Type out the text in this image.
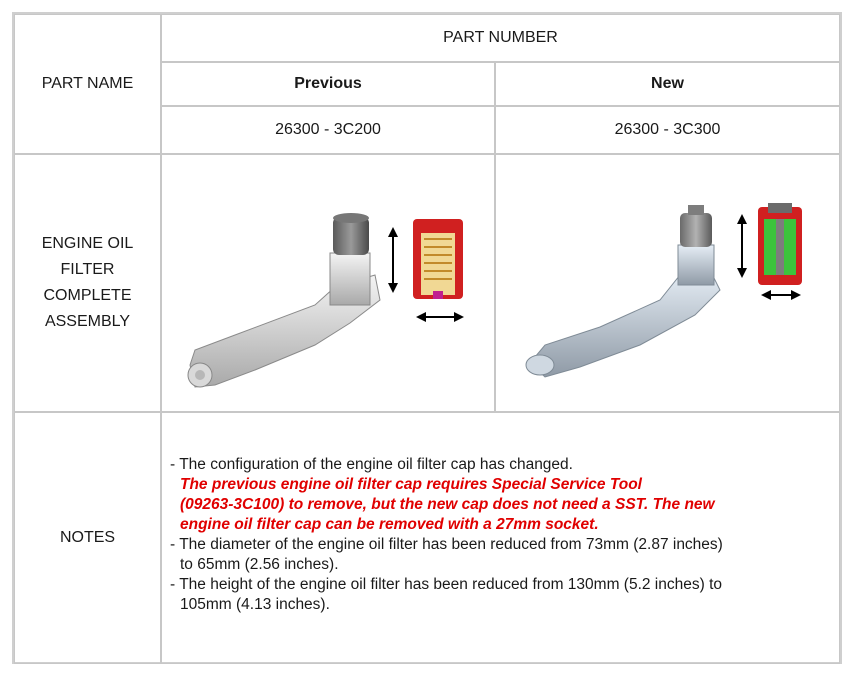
PART NAME
PART NUMBER
Previous	New
26300 - 3C200	26300 - 3C300
ENGINE OIL
FILTER
COMPLETE
ASSEMBLY
NOTES
- The configuration of the engine oil filter cap has changed.
The previous engine oil filter cap requires Special Service Tool
(09263-3C100) to remove, but the new cap does not need a SST. The new
engine oil filter cap can be removed with a 27mm socket.
- The diameter of the engine oil filter has been reduced from 73mm (2.87 inches)
to 65mm (2.56 inches).
- The height of the engine oil filter has been reduced from 130mm (5.2 inches) to
105mm (4.13 inches).
